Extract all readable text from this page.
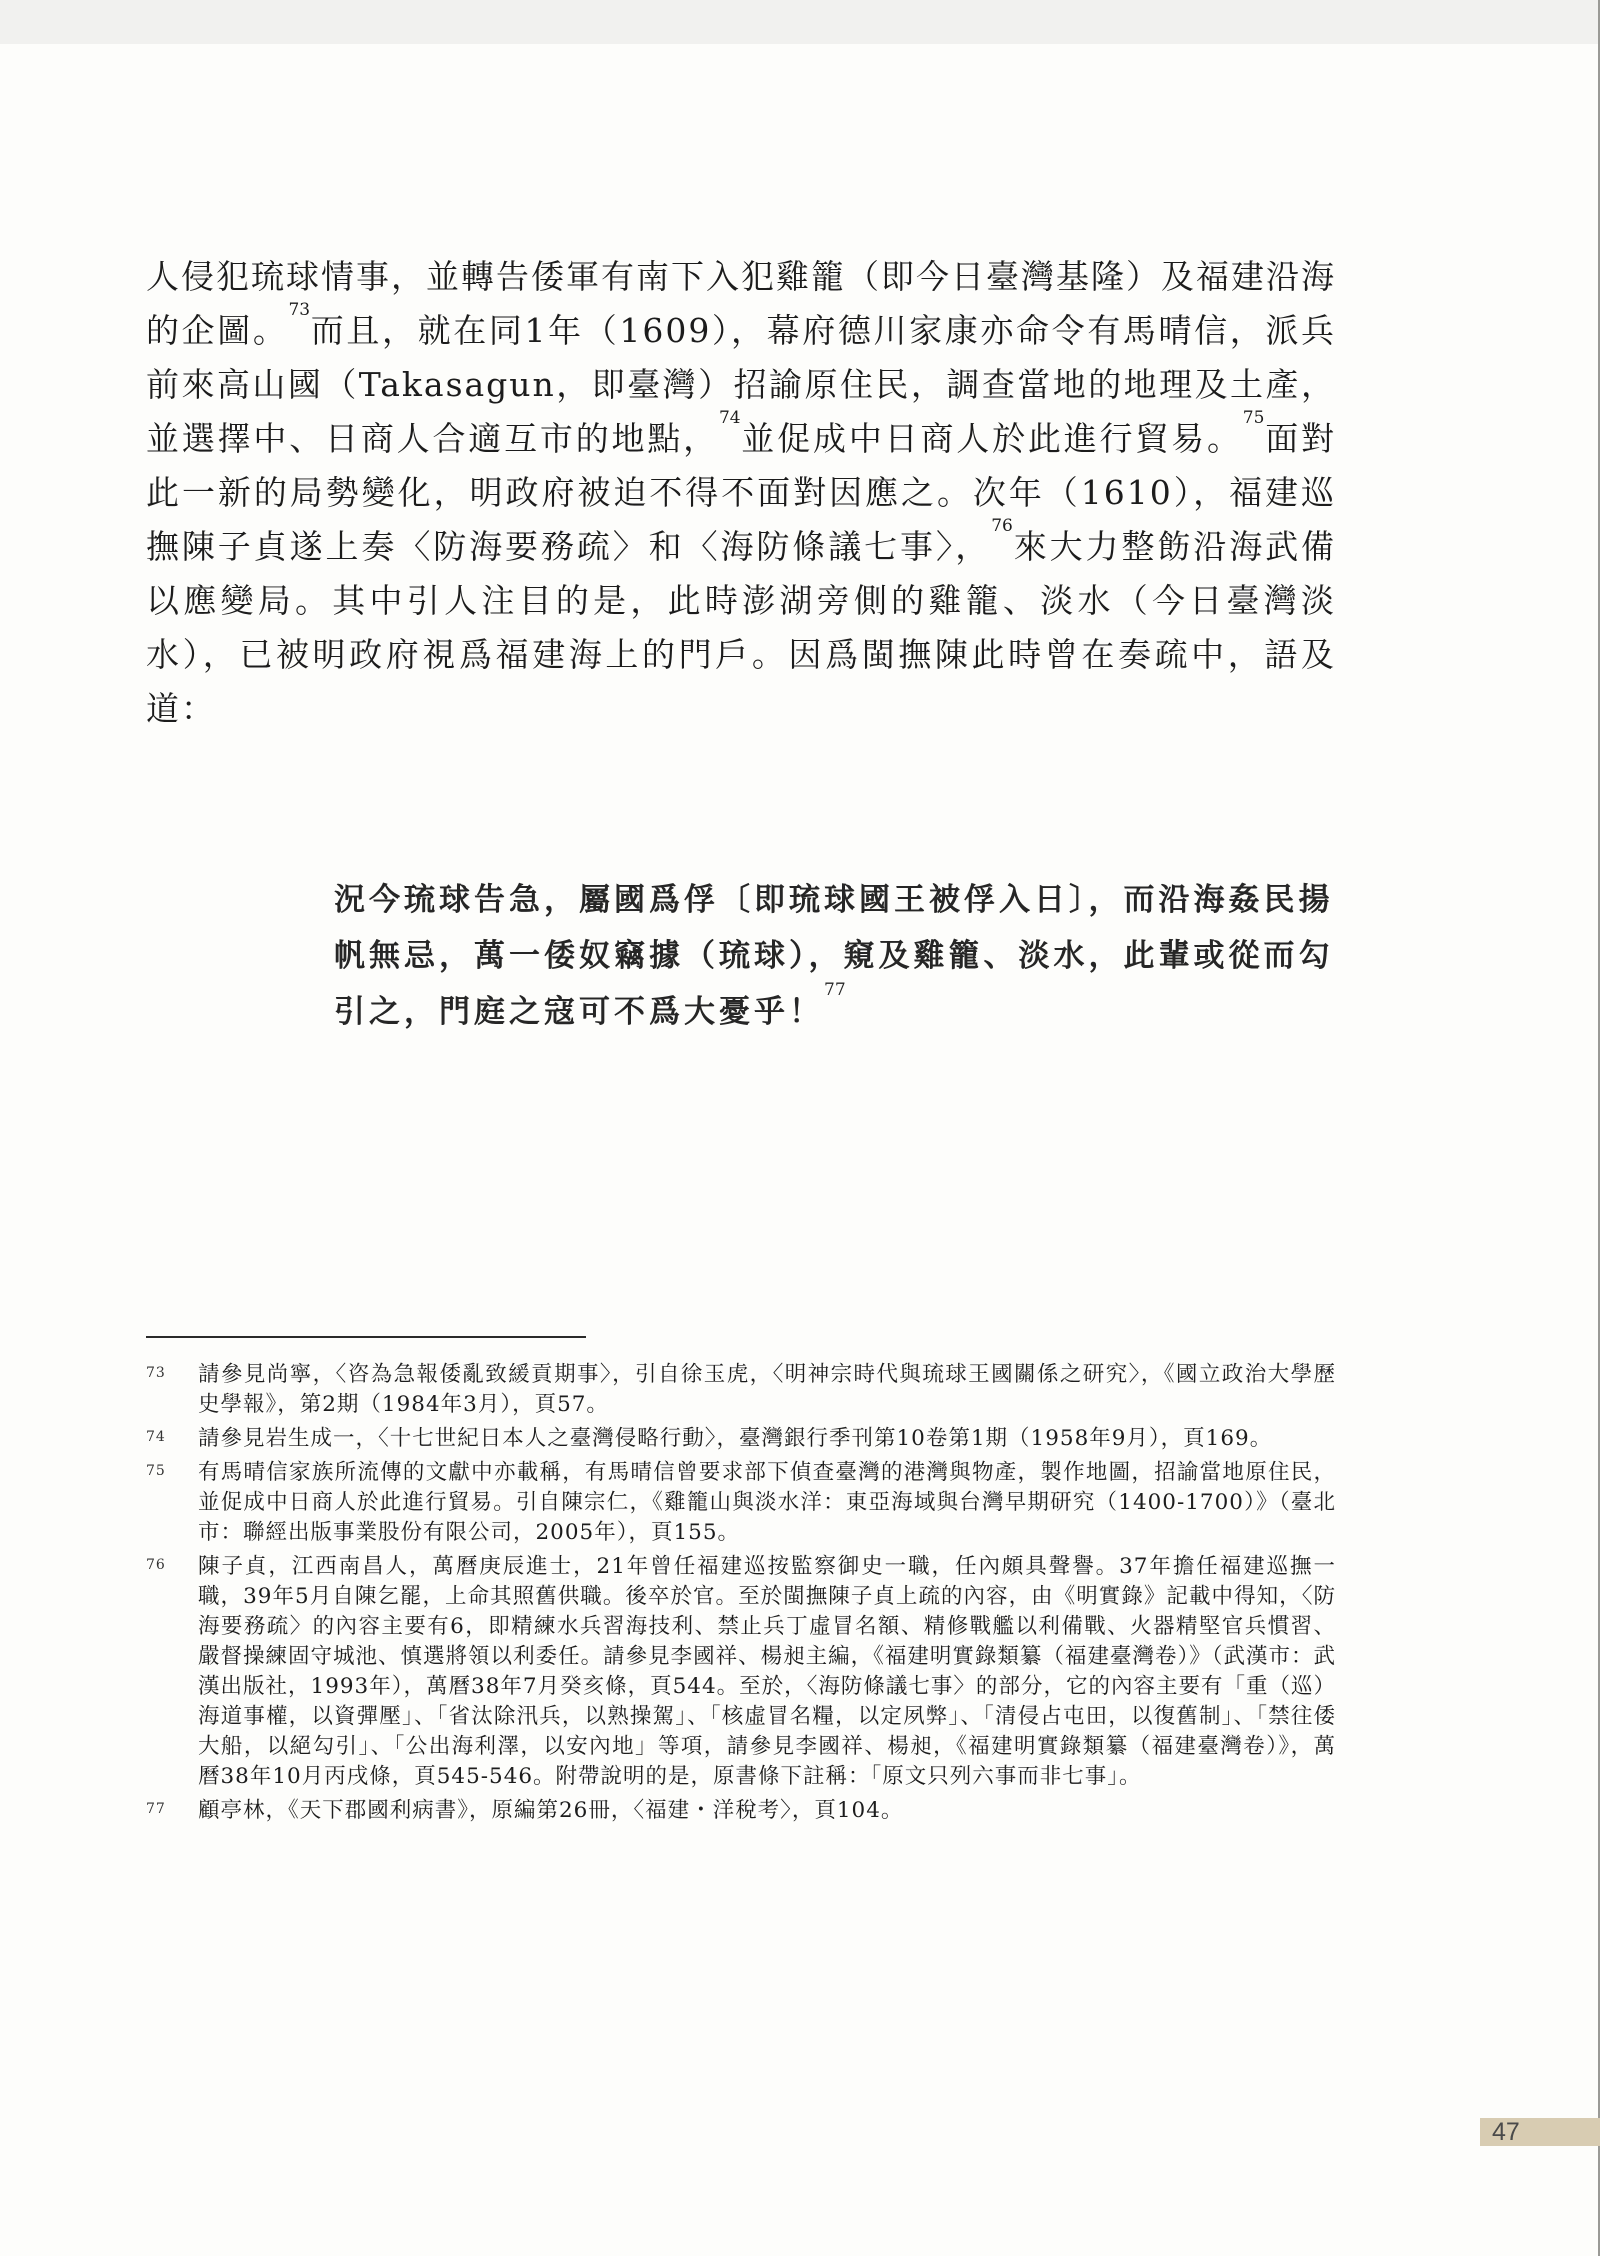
人侵犯琉球情事，並轉告倭軍有南下入犯雞籠（即今日臺灣基隆）及福建沿海的企圖。$^{73}$而且，就在同1年（1609），幕府德川家康亦命令有馬晴信，派兵前來高山國（Takasagun，即臺灣）招諭原住民，調查當地的地理及土產，並選擇中、日商人合適互市的地點，$^{74}$並促成中日商人於此進行貿易。$^{75}$面對此一新的局勢變化，明政府被迫不得不面對因應之。次年（1610），福建巡撫陳子貞遂上奏〈防海要務疏〉和〈海防條議七事〉，$^{76}$來大力整飭沿海武備以應變局。其中引人注目的是，此時澎湖旁側的雞籠、淡水（今日臺灣淡水），已被明政府視爲福建海上的門戶。因爲閩撫陳此時曾在奏疏中，語及道：

況今琉球告急，屬國爲俘〔即琉球國王被俘入日〕，而沿海姦民揚帆無忌，萬一倭奴竊據（琉球），窺及雞籠、淡水，此輩或從而勾引之，門庭之寇可不爲大憂乎！$^{77}$

73 請參見尚寧，〈咨為急報倭亂致緩貢期事〉，引自徐玉虎，〈明神宗時代與琉球王國關係之研究〉，《國立政治大學歷史學報》，第2期（1984年3月），頁57。
74 請參見岩生成一，〈十七世紀日本人之臺灣侵略行動〉，臺灣銀行季刊第10卷第1期（1958年9月），頁169。
75 有馬晴信家族所流傳的文獻中亦載稱，有馬晴信曾要求部下偵查臺灣的港灣與物產，製作地圖，招諭當地原住民，並促成中日商人於此進行貿易。引自陳宗仁，《雞籠山與淡水洋：東亞海域與台灣早期研究（1400-1700）》（臺北市：聯經出版事業股份有限公司，2005年），頁155。
76 陳子貞，江西南昌人，萬曆庚辰進士，21年曾任福建巡按監察御史一職，任內頗具聲譽。37年擔任福建巡撫一職，39年5月自陳乞罷，上命其照舊供職。後卒於官。至於閩撫陳子貞上疏的內容，由《明實錄》記載中得知，〈防海要務疏〉的內容主要有6，即精練水兵習海技利、禁止兵丁虛冒名額、精修戰艦以利備戰、火器精堅官兵慣習、嚴督操練固守城池、慎選將領以利委任。請參見李國祥、楊昶主編，《福建明實錄類纂（福建臺灣卷）》（武漢市：武漢出版社，1993年），萬曆38年7月癸亥條，頁544。至於，〈海防條議七事〉的部分，它的內容主要有「重（巡）海道事權，以資彈壓」、「省汰除汛兵，以熟操駕」、「核虛冒名糧，以定夙弊」、「清侵占屯田，以復舊制」、「禁往倭大船，以絕勾引」、「公出海利澤，以安內地」等項，請參見李國祥、楊昶，《福建明實錄類纂（福建臺灣卷）》，萬曆38年10月丙戌條，頁545-546。附帶說明的是，原書條下註稱：「原文只列六事而非七事」。
77 顧亭林，《天下郡國利病書》，原編第26冊，〈福建・洋稅考〉，頁104。
47
